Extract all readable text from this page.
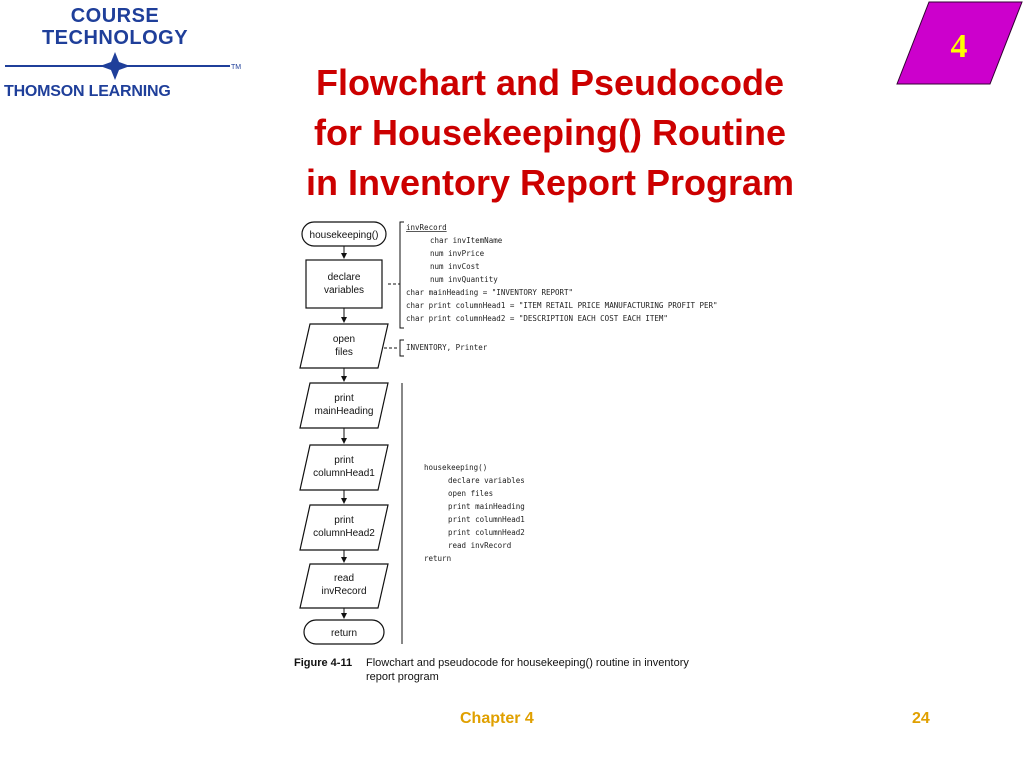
COURSE
TECHNOLOGY
TM
THOMSON LEARNING
4
Flowchart and Pseudocode
for Housekeeping() Routine
in Inventory Report Program
housekeeping()
declare
variables
open
files
print
mainHeading
print
columnHead1
print
columnHead2
read
invRecord
return
invRecord
char invItemName
num invPrice
num invCost
num invQuantity
char mainHeading = "INVENTORY REPORT"
char print columnHead1 = "ITEM RETAIL PRICE MANUFACTURING PROFIT PER"
char print columnHead2 = "DESCRIPTION EACH COST EACH ITEM"
INVENTORY, Printer
housekeeping()
declare variables
open files
print mainHeading
print columnHead1
print columnHead2
read invRecord
return
Figure 4-11 Flowchart and pseudocode for housekeeping() routine in inventory
report program
Chapter 4	24
